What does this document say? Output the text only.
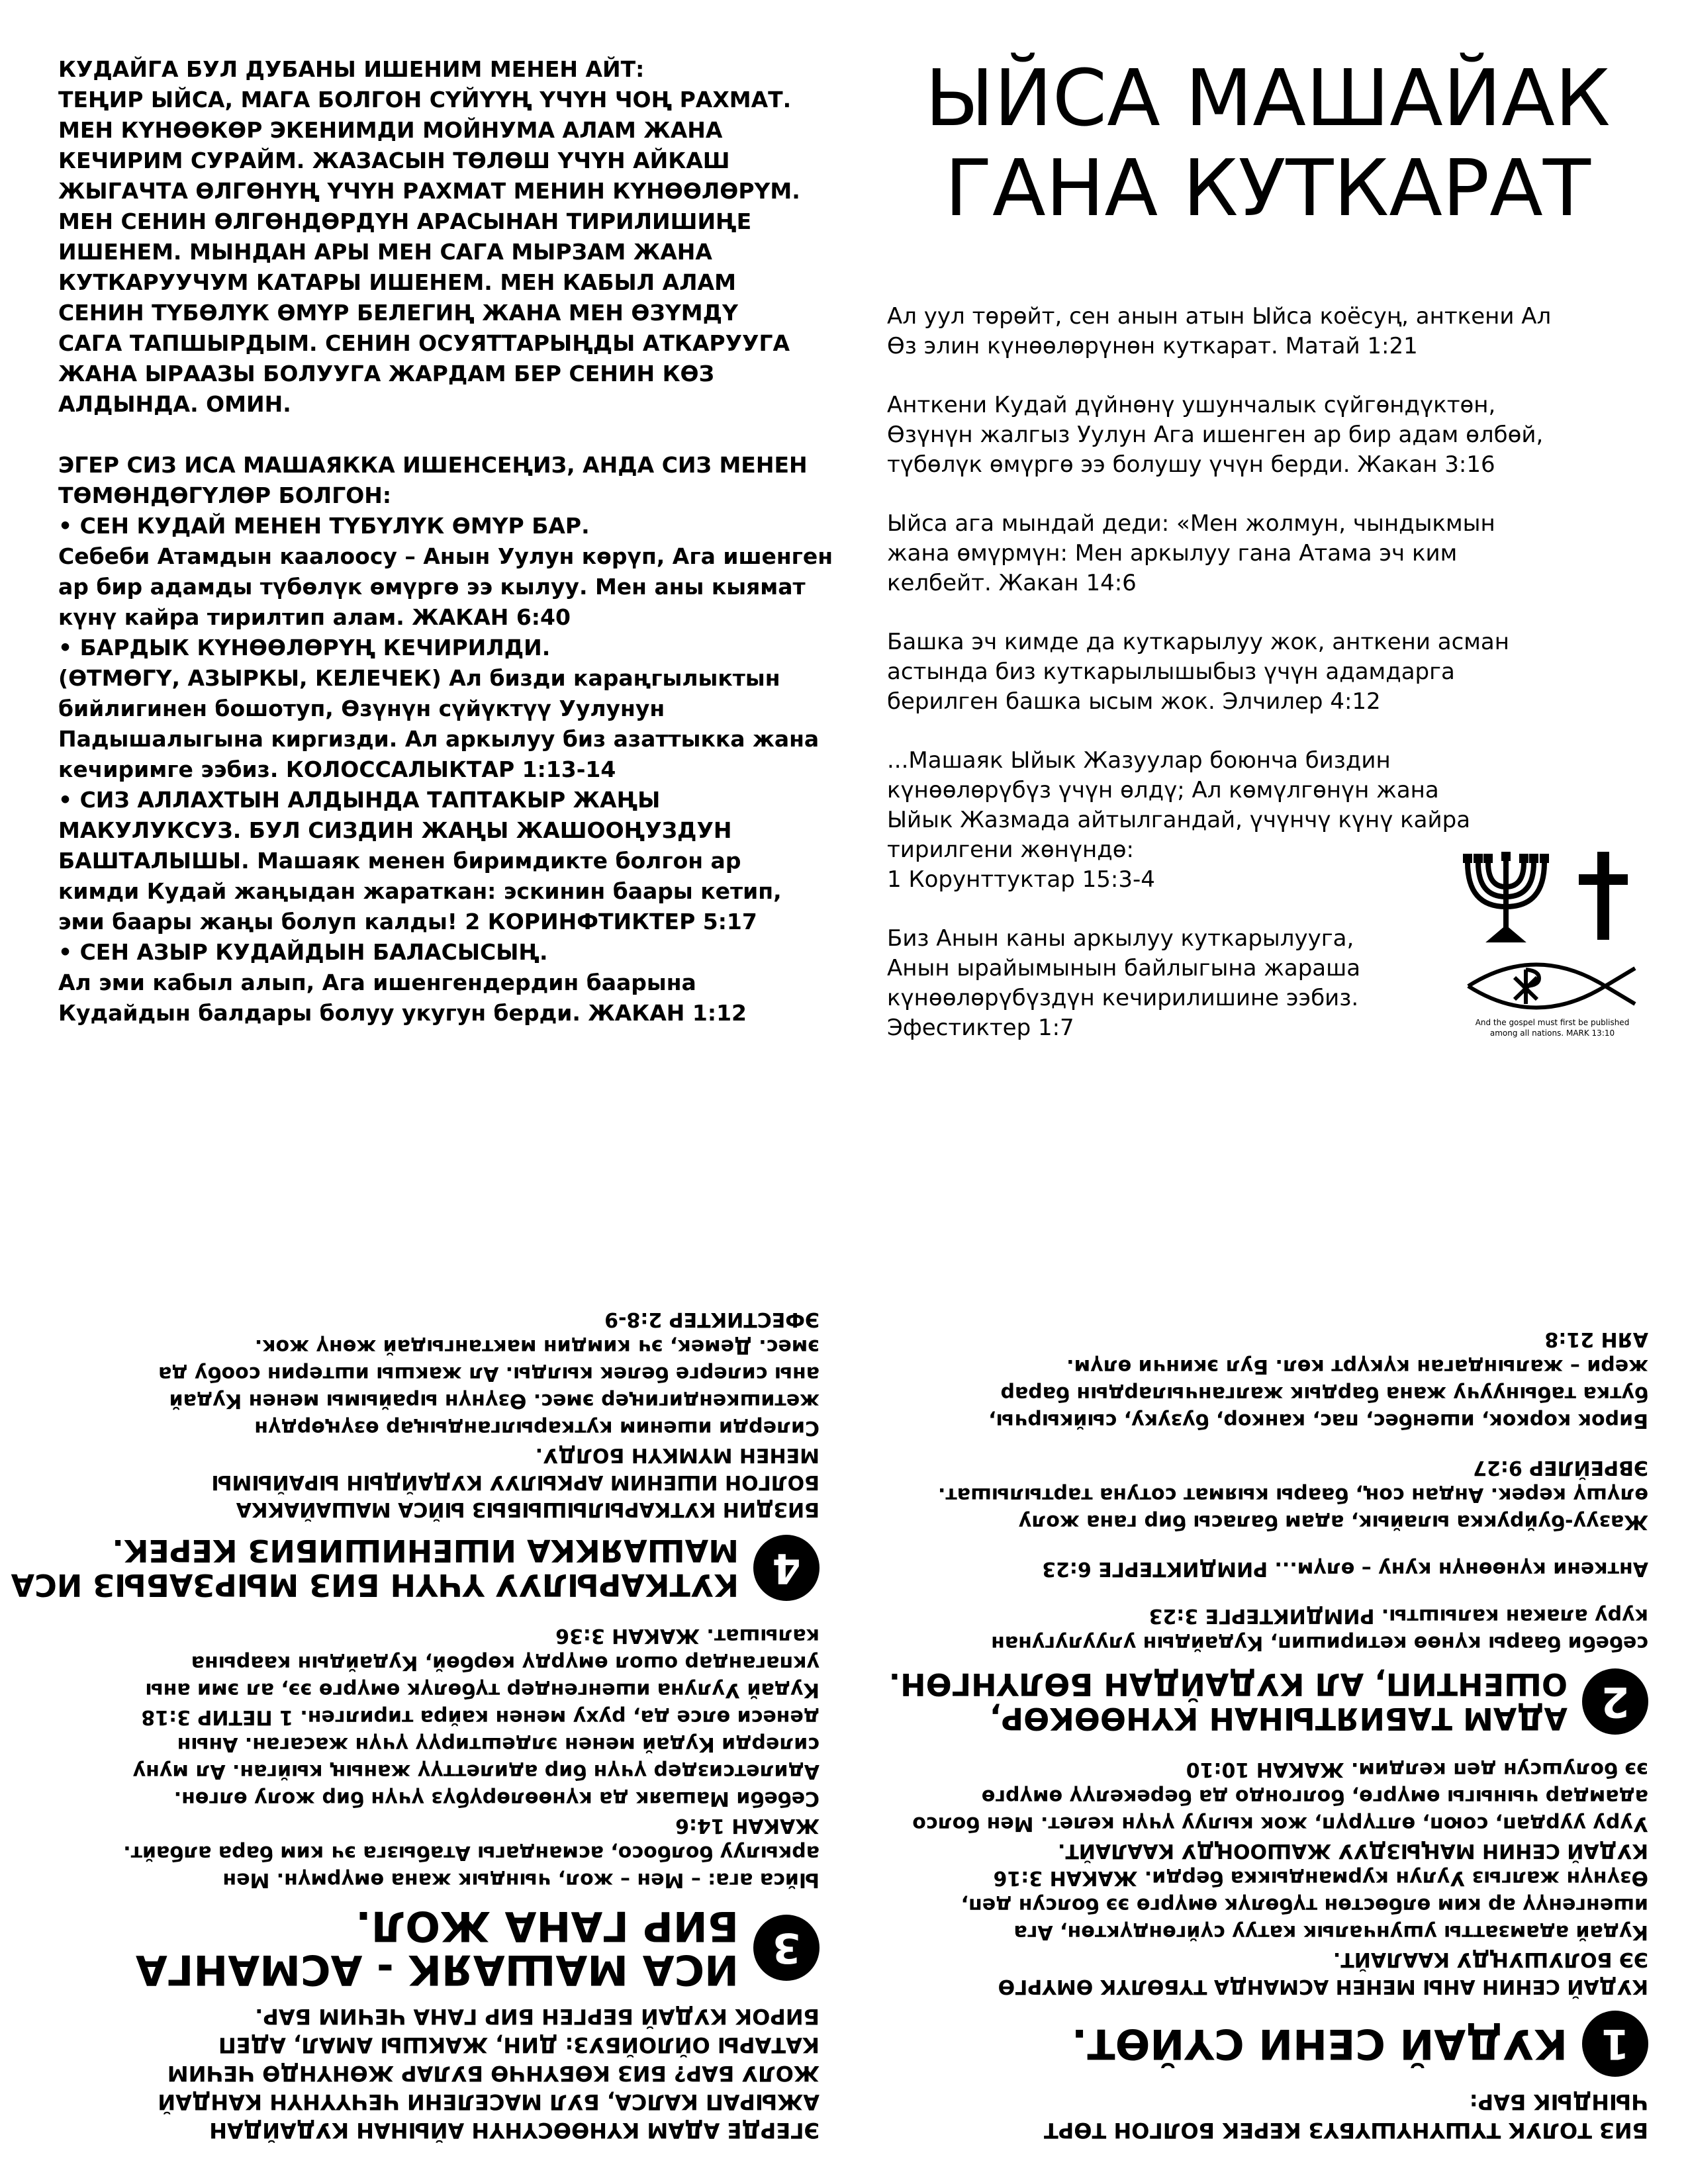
КУДАЙГА БУЛ ДУБАНЫ ИШЕНИМ МЕНЕН АЙТ:

ТЕҢИР ЫЙСА, МАГА БОЛГОН СҮЙҮҮҢ ҮЧҮН ЧОҢ РАХМАТ.

МЕН КҮНӨӨКӨР ЭКЕНИМДИ МОЙНУМА АЛАМ ЖАНА

КЕЧИРИМ СУРАЙМ. ЖАЗАСЫН ТӨЛӨШ ҮЧҮН АЙКАШ

ЖЫГАЧТА ӨЛГӨНҮҢ ҮЧҮН РАХМАТ МЕНИН КҮНӨӨЛӨРҮМ.

МЕН СЕНИН ӨЛГӨНДӨРДҮН АРАСЫНАН ТИРИЛИШИҢЕ

ИШЕНЕМ. МЫНДАН АРЫ МЕН САГА МЫРЗАМ ЖАНА

КУТКАРУУЧУМ КАТАРЫ ИШЕНЕМ. МЕН КАБЫЛ АЛАМ

СЕНИН ТҮБӨЛҮК ӨМҮР БЕЛЕГИҢ ЖАНА МЕН ӨЗҮМДҮ

САГА ТАПШЫРДЫМ. СЕНИН ОСУЯТТАРЫҢДЫ АТКАРУУГА

ЖАНА ЫРААЗЫ БОЛУУГА ЖАРДАМ БЕР СЕНИН КӨЗ

АЛДЫНДА. ОМИН.

ЭГЕР СИЗ ИСА МАШАЯККА ИШЕНСЕҢИЗ, АНДА СИЗ МЕНЕН

ТӨМӨНДӨГҮЛӨР БОЛГОН:

• СЕН КУДАЙ МЕНЕН ТҮБҮЛҮК ӨМҮР БАР.

Себеби Атамдын каалоосу – Анын Уулун көрүп, Ага ишенген

ар бир адамды түбөлүк өмүргө ээ кылуу. Мен аны кыямат

күнү кайра тирилтип алам. ЖАКАН 6:40

• БАРДЫК КҮНӨӨЛӨРҮҢ КЕЧИРИЛДИ.

(ӨТМӨГҮ, АЗЫРКЫ, КЕЛЕЧЕК) Ал бизди караңгылыктын

бийлигинен бошотуп, Өзүнүн сүйүктүү Уулунун

Падышалыгына киргизди. Ал аркылуу биз азаттыкка жана

кечиримге ээбиз. КОЛОССАЛЫКТАР 1:13-14

• СИЗ АЛЛАХТЫН АЛДЫНДА ТАПТАКЫР ЖАҢЫ

МАКУЛУКСУЗ. БУЛ СИЗДИН ЖАҢЫ ЖАШООҢУЗДУН

БАШТАЛЫШЫ. Машаяк менен биримдикте болгон ар

кимди Кудай жаңыдан жараткан: эскинин баары кетип,

эми баары жаңы болуп калды! 2 КОРИНФТИКТЕР 5:17

• СЕН АЗЫР КУДАЙДЫН БАЛАСЫСЫҢ.

Ал эми кабыл алып, Ага ишенгендердин баарына

Кудайдын балдары болуу укугун берди. ЖАКАН 1:12

ЫЙСА МАШАЙАК

ГАНА КУТКАРАТ

Ал уул төрөйт, сен анын атын Ыйса коёсуң, анткени Ал

Өз элин күнөөлөрүнөн куткарат. Матай 1:21

Анткени Кудай дүйнөнү ушунчалык сүйгөндүктөн,

Өзүнүн жалгыз Уулун Ага ишенген ар бир адам өлбөй,

түбөлүк өмүргө ээ болушу үчүн берди. Жакан 3:16

Ыйса ага мындай деди: «Мен жолмун, чындыкмын

жана өмүрмүн: Мен аркылуу гана Атама эч ким

келбейт. Жакан 14:6

Башка эч кимде да куткарылуу жок, анткени асман

астында биз куткарылышыбыз үчүн адамдарга

берилген башка ысым жок. Элчилер 4:12

...Машаяк Ыйык Жазуулар боюнча биздин

күнөөлөрүбүз үчүн өлдү; Ал көмүлгөнүн жана

Ыйык Жазмада айтылгандай, үчүнчү күнү кайра

тирилгени жөнүндө:

1 Корунттуктар 15:3-4

Биз Анын каны аркылуу куткарылууга,

Анын ырайымынын байлыгына жараша

күнөөлөрүбүздүн кечирилишине ээбиз.

Эфестиктер 1:7	And the gospel must first be published

among all nations. MARK 13:10

БИЗ ТОЛУК ТҮШҮНҮШҮБҮЗ КЕРЕК БОЛГОН ТӨРТ

ЧЫНДЫК БАР:

1

КУДАЙ СЕНИ СҮЙӨТ.

КУДАЙ СЕНИН АНЫ МЕНЕН АСМАНДА ТҮБӨЛҮК ӨМҮРГӨ

ЭЭ БОЛУШУҢДУ КААЛАЙТ.

Кудай адамзатты ушунчалык катуу сүйгөндүктөн, Ага

ишенгенүү ар ким өлбөстөн түбөлүк өмүргө ээ болсун деп,

Өзүнүн жалгыз Уулун курмандыкка берди. ЖАКАН 3:16

КУДАЙ СЕНИН МАҢЫЗДУУ ЖАШООҢДУ КААЛАЙТ.

Ууру уурдап, союп, өлтүрүп, жок кылуу үчүн келет. Мен болсо

адамдар чыныгы өмүргө, болгондо да берекелүү өмүргө

ээ болушсун деп келдим. ЖАКАН 10:10

2

АДАМ ТАБИЯТЫНАН КҮНӨӨКӨР,

ОШЕНТИП, АЛ КУДАЙДАН БӨЛҮНГӨН.

себеби баары күнөө кетиришип, Кудайдын улуулугунан

куру алакан калышты. РИМДИКТЕРГЕ 3:23

Анткени күнөөнүн куну – өлүм... РИМДИКТЕРГЕ 6:23

Жазуу-буйрукка ылайык, адам баласы бир гана жолу

өлүшү керек. Андан соң, баары кыямат сотуна тартылышат.

ЭВРЕЙЛЕР 9:27

Бирок коркок, ишенбес, пас, канкор, бузуку, сыйкырчы,

бутка табынуучу жана бардык жалганчылардын барар

жери – жалындаган күкүрт көл. Бул экинчи өлүм.

АЯН 21:8

ЭГЕРДЕ АДАМ КҮНӨӨСҮНҮН АЙЫНАН КУДАЙДАН

АЖЫРАП КАЛСА, БУЛ МАСЕЛЕНИ ЧЕЧҮҮНҮН КАНДАЙ

ЖОЛУ БАР? БИЗ КӨБҮНЧӨ БУЛАР ЖӨНҮНДӨ ЧЕЧИМ

КАТАРЫ ОЙЛОЙБУЗ: ДИН, ЖАКШЫ АМАЛ, АДЕП

БИРОК КУДАЙ БЕРГЕН БИР ГАНА ЧЕЧИМ БАР.

3

ИСА МАШАЯК - АСМАНГА

БИР ГАНА ЖОЛ.

Ыйса ага: – Мен – жол, чындык жана өмүрмүн. Мен

аркылуу болбосо, асмандагы Атабызга эч ким бара албайт.

ЖАКАН 14:6

Себеби Машаяк да күнөөлөрүбүз үчүн бир жолу өлгөн.

Адилетсиздер үчүн бир адилеттүү жаның кыйган. Ал муну

силерди Кудай менен элдештирүү үчүн жасаган. Анын

денеси өлсе да, руху менен кайра тирилген. 1 ПЕТИР 3:18

Кудай Уулуна ишенгендер түбөлүк өмүргө ээ, ал эми аны

укпагандар ошол өмүрдү көрбөй, Кудайдын каарына

калышат. ЖАКАН 3:36

4

КУТКАРЫЛУУ ҮЧҮН БИЗ МЫРЗАБЫЗ ИСА

МАШАЯККА ИШЕНИШИБИЗ КЕРЕК.

БИЗДИН КУТКАРЫЛЫШЫБЫЗ ЫЙСА МАШАЙАККА

БОЛГОН ИШЕНИМ АРКЫЛУУ КУДАЙДЫН ЫРАЙЫМЫ

МЕНЕН МҮМКҮН БОЛДУ.

Силерди ишеним куткарылгандыңар өзүңөрдүн

жетишкендигиңер эмес. Өзүнүн ырайымы менен Кудай

аны силерге белек кылды. Ал жакшы иштерин сообу да

эмес. Демек, эч кимдин мактангыдай жөнү жок.

ЭФЕСТИКТЕР 2:8-9
